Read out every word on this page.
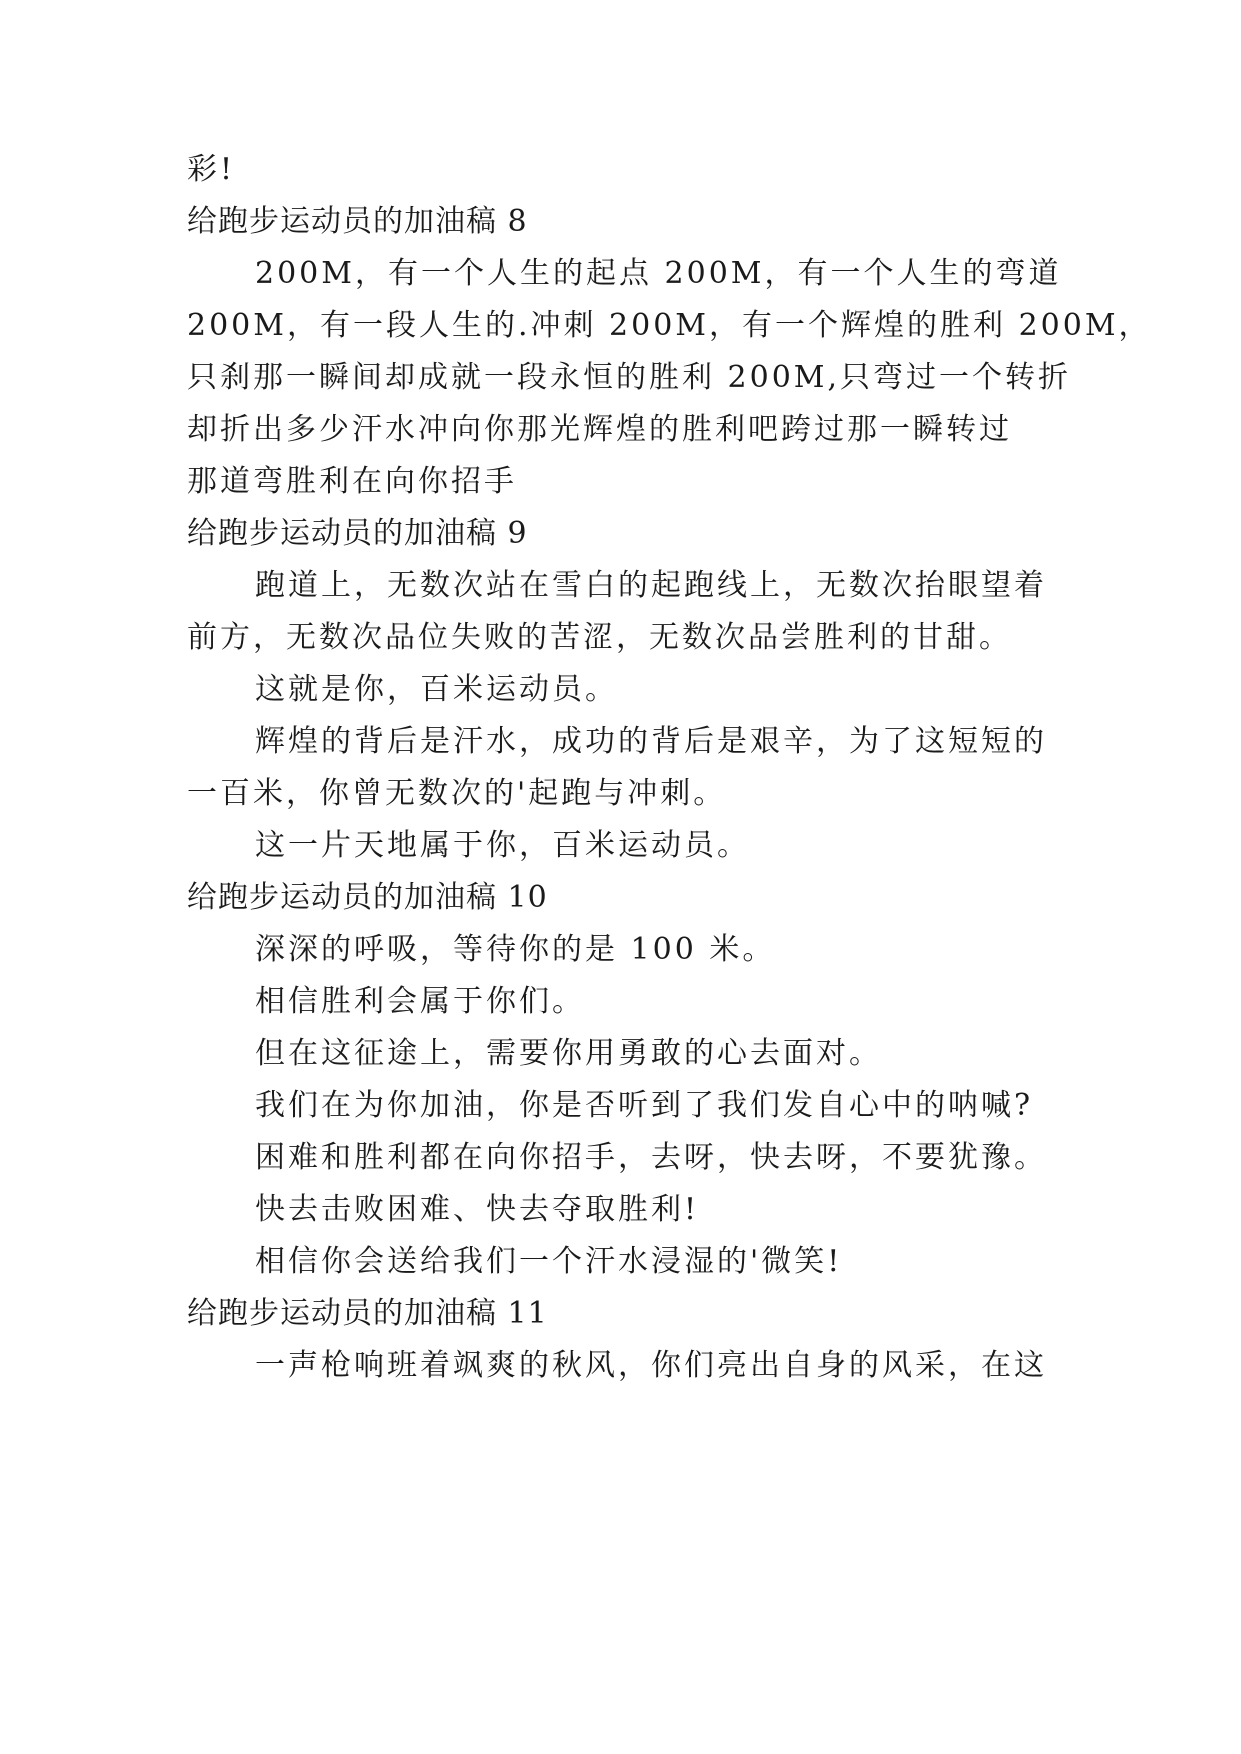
彩!
给跑步运动员的加油稿 8
200M，有一个人生的起点 200M，有一个人生的弯道
200M，有一段人生的.冲刺 200M，有一个辉煌的胜利 200M，
只刹那一瞬间却成就一段永恒的胜利 200M,只弯过一个转折
却折出多少汗水冲向你那光辉煌的胜利吧跨过那一瞬转过
那道弯胜利在向你招手
给跑步运动员的加油稿 9
跑道上，无数次站在雪白的起跑线上，无数次抬眼望着
前方，无数次品位失败的苦涩，无数次品尝胜利的甘甜。
这就是你，百米运动员。
辉煌的背后是汗水，成功的背后是艰辛，为了这短短的
一百米，你曾无数次的'起跑与冲刺。
这一片天地属于你，百米运动员。
给跑步运动员的加油稿 10
深深的呼吸，等待你的是 100 米。
相信胜利会属于你们。
但在这征途上，需要你用勇敢的心去面对。
我们在为你加油，你是否听到了我们发自心中的呐喊?
困难和胜利都在向你招手，去呀，快去呀，不要犹豫。
快去击败困难、快去夺取胜利!
相信你会送给我们一个汗水浸湿的'微笑!
给跑步运动员的加油稿 11
一声枪响班着飒爽的秋风，你们亮出自身的风采，在这
